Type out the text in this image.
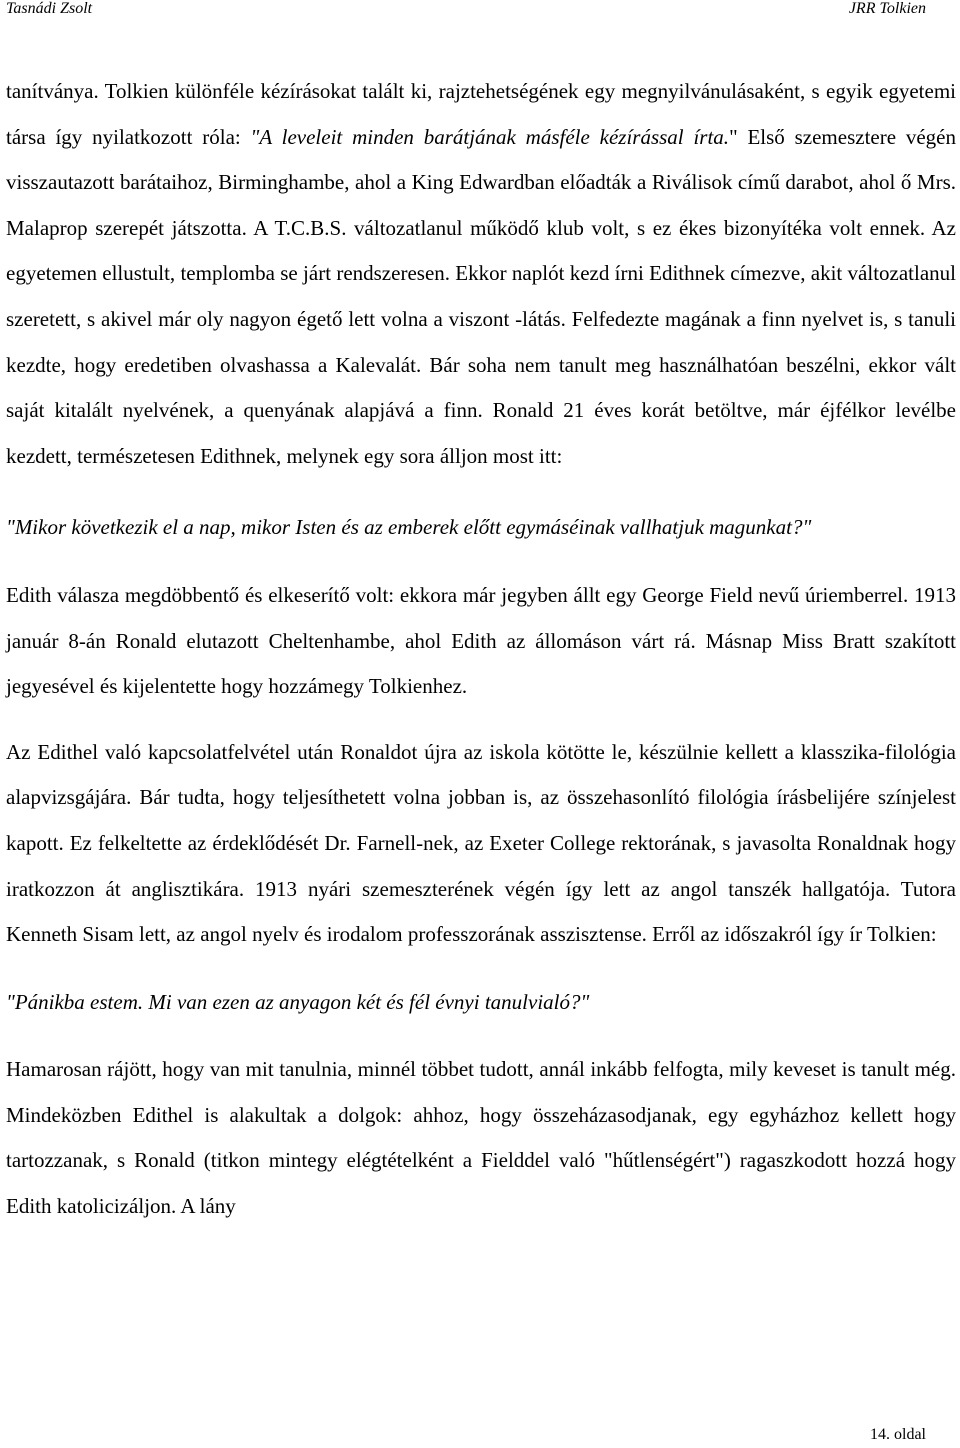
Tasnádi Zsolt	JRR Tolkien

tanítványa. Tolkien különféle kézírásokat talált ki, rajztehetségének egy megnyilvánulásaként, s egyik egyetemi társa így nyilatkozott róla: "A leveleit minden barátjának másféle kézírással írta." Első szemesztere végén visszautazott barátaihoz, Birminghambe, ahol a King Edwardban előadták a Riválisok című darabot, ahol ő Mrs. Malaprop szerepét játszotta. A T.C.B.S. változatlanul működő klub volt, s ez ékes bizonyítéka volt ennek. Az egyetemen ellustult, templomba se járt rendszeresen. Ekkor naplót kezd írni Edithnek címezve, akit változatlanul szeretett, s akivel már oly nagyon égető lett volna a viszont -látás. Felfedezte magának a finn nyelvet is, s tanuli kezdte, hogy eredetiben olvashassa a Kalevalát. Bár soha nem tanult meg használhatóan beszélni, ekkor vált saját kitalált nyelvének, a quenyának alapjává a finn. Ronald 21 éves korát betöltve, már éjfélkor levélbe kezdett, természetesen Edithnek, melynek egy sora álljon most itt:

"Mikor következik el a nap, mikor Isten és az emberek előtt egymáséinak vallhatjuk magunkat?"

Edith válasza megdöbbentő és elkeserítő volt: ekkora már jegyben állt egy George Field nevű úriemberrel. 1913 január 8-án Ronald elutazott Cheltenhambe, ahol Edith az állomáson várt rá. Másnap Miss Bratt szakított jegyesével és kijelentette hogy hozzámegy Tolkienhez.

Az Edithel való kapcsolatfelvétel után Ronaldot újra az iskola kötötte le, készülnie kellett a klasszika-filológia alapvizsgájára. Bár tudta, hogy teljesíthetett volna jobban is, az összehasonlító filológia írásbelijére színjelest kapott. Ez felkeltette az érdeklődését Dr. Farnell-nek, az Exeter College rektorának, s javasolta Ronaldnak hogy iratkozzon át anglisztikára. 1913 nyári szemeszterének végén így lett az angol tanszék hallgatója. Tutora Kenneth Sisam lett, az angol nyelv és irodalom professzorának asszisztense. Erről az időszakról így ír Tolkien:

"Pánikba estem. Mi van ezen az anyagon két és fél évnyi tanulvialó?"

Hamarosan rájött, hogy van mit tanulnia, minnél többet tudott, annál inkább felfogta, mily keveset is tanult még. Mindeközben Edithel is alakultak a dolgok: ahhoz, hogy összeházasodjanak, egy egyházhoz kellett hogy tartozzanak, s Ronald (titkon mintegy elégtételként a Fielddel való "hűtlenségért") ragaszkodott hozzá hogy Edith katolicizáljon. A lány

14. oldal
